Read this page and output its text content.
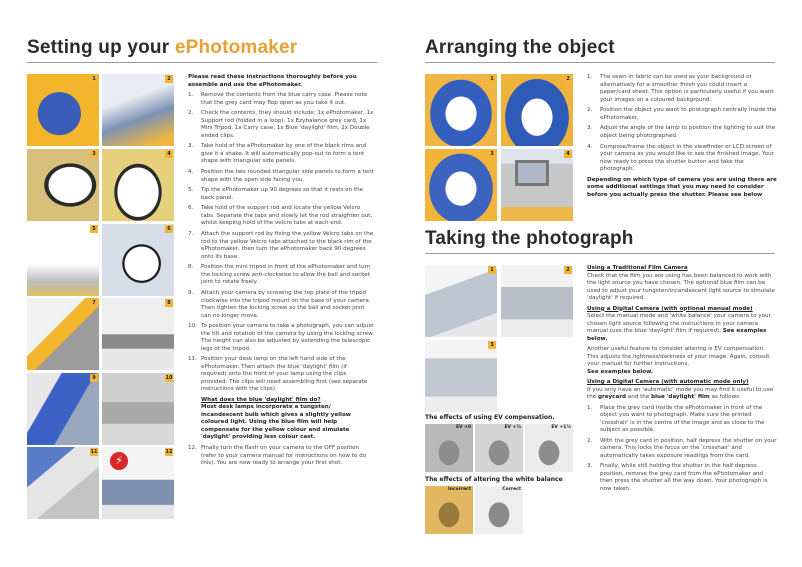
Setting up your ePhotomaker
1	2
3	4
5	6
7	8
9	10
11	12
⚡

Please read these instructions thoroughly before you assemble and use the ePhotomaker.

1. Remove the contents from the blue carry case. Please note that the grey card may flop open as you take it out.
2. Check the contents, they should include: 1x ePhotomaker, 1x Support rod (folded in a loop), 1x Ezybalance grey card, 1x Mini Tripod, 1x Carry case, 1x Blue 'daylight' film, 2x Double ended clips.
3. Take hold of the ePhotomaker by one of the black rims and give it a shake. It will automatically pop-out to form a tent shape with triangular side panels.
4. Position the two rounded triangular side panels to form a tent shape with the open side facing you.
5. Tip the ePhotomaker up 90 degrees so that it rests on the back panel.
6. Take hold of the support rod and locate the yellow Velcro tabs. Separate the tabs and slowly let the rod straighten out, whilst keeping hold of the velcro tabs at each end.
7. Attach the support rod by fixing the yellow Velcro tabs on the rod to the yellow Velcro tabs attached to the black rim of the ePhotomaker, then turn the ePhotomaker back 90 degrees onto its base.
8. Position the mini tripod in front of the ePhotomaker and turn the locking screw anti-clockwise to allow the ball and socket joint to rotate freely.
9. Attach your camera by screwing the top plate of the tripod clockwise into the tripod mount on the base of your camera. Then tighten the locking screw so the ball and socket joint can no longer move.
10. To position your camera to take a photograph, you can adjust the tilt and rotation of the camera by using the locking screw. The height can also be adjusted by extending the telescopic legs of the tripod.
11. Position your desk lamp on the left hand side of the ePhotomaker. Then attach the blue 'daylight' film (if required) onto the front of your lamp using the clips provided. The clips will need assembling first (see separate instructions with the clips).
What does the blue 'daylight' film do?
Most desk lamps incorporate a tungsten/ incandescent bulb which gives a slightly yellow coloured light. Using the blue film will help compensate for the yellow colour and simulate 'daylight' providing less colour cast.
12. Finally turn the flash on your camera to the OFF position (refer to your camera manual for instructions on how to do this). You are now ready to arrange your first shot.
Arranging the object
1	2
3	4
1. The sewn in fabric can be used as your background or alternatively for a smoother finish you could insert a paper/card sheet. This option is particularly useful if you want your images on a coloured background.
2. Position the object you want to photograph centrally inside the ePhotomaker.
3. Adjust the angle of the lamp to position the lighting to suit the object being photographed.
4. Compose/frame the object in the viewfinder or LCD screen of your camera as you would like to see the finished image. Your now ready to press the shutter button and take the photograph.

Depending on which type of camera you are using there are some additional settings that you may need to consider before you actually press the shutter. Please see below

Taking the photograph
1	2
3
The effects of using EV compensation.
EV +0	EV +½	EV +1½
The effects of altering the white balance
Incorrect	Correct
Using a Traditional Film Camera

Check that the film you are using has been balanced to work with the light source you have chosen. The optional blue film can be used to adjust your tungsten/incandescent light source to simulate 'daylight' if required.

Using a Digital Camera (with optional manual mode)

Select the manual mode and 'white balance' your camera to your chosen light source following the instructions in your camera manual (use the blue 'daylight' film if required). See examples below.

Another useful feature to consider altering is EV compensation. This adjusts the lightness/darkness of your image. Again, consult your manual for further instructions.
See examples below.

Using a Digital Camera (with automatic mode only)

If you only have an 'automatic' mode you may find it useful to use the greycard and the blue 'daylight' film as follows:

1. Place the grey card inside the ePhotomaker in front of the object you want to photograph. Make sure the printed 'crosshair' is in the centre of the image and as close to the subject as possible.
2. With the grey card in position, half depress the shutter on your camera. This locks the focus on the 'crosshair' and automatically takes exposure readings from the card.
3. Finally, while still holding the shutter in the half depress position, remove the grey card from the ePhotomaker and then press the shutter all the way down. Your photograph is now taken.
